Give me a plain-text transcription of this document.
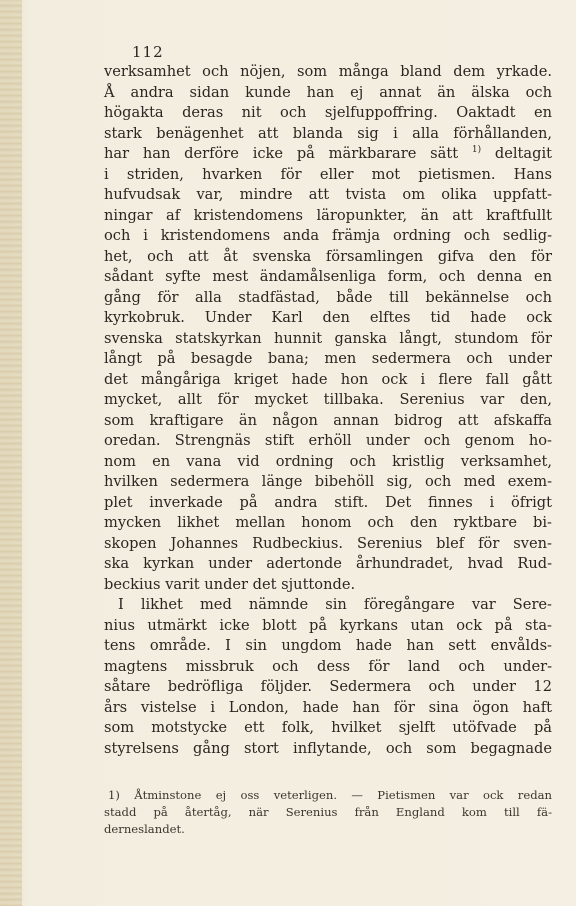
112
verksamhet och nöjen, som många bland dem yrkade.
Å andra sidan kunde han ej annat än älska och
högakta deras nit och sjelfuppoffring. Oaktadt en
stark benägenhet att blanda sig i alla förhållanden,
har han derföre icke på märkbarare sätt $^{1)}$ deltagit
i striden, hvarken för eller mot pietismen. Hans
hufvudsak var, mindre att tvista om olika uppfatt-
ningar af kristendomens läropunkter, än att kraftfullt
och i kristendomens anda främja ordning och sedlig-
het, och att åt svenska församlingen gifva den för
sådant syfte mest ändamålsenliga form, och denna en
gång för alla stadfästad, både till bekännelse och
kyrkobruk. Under Karl den elftes tid hade ock
svenska statskyrkan hunnit ganska långt, stundom för
långt på besagde bana; men sedermera och under
det mångåriga kriget hade hon ock i flere fall gått
mycket, allt för mycket tillbaka. Serenius var den,
som kraftigare än någon annan bidrog att afskaffa
oredan. Strengnäs stift erhöll under och genom ho-
nom en vana vid ordning och kristlig verksamhet,
hvilken sedermera länge bibehöll sig, och med exem-
plet inverkade på andra stift. Det finnes i öfrigt
mycken likhet mellan honom och den ryktbare bi-
skopen Johannes Rudbeckius. Serenius blef för sven-
ska kyrkan under adertonde århundradet, hvad Rud-
beckius varit under det sjuttonde.
I likhet med nämnde sin föregångare var Sere-
nius utmärkt icke blott på kyrkans utan ock på sta-
tens område. I sin ungdom hade han sett envålds-
magtens missbruk och dess för land och under-
såtare bedröfliga följder. Sedermera och under 12
års vistelse i London, hade han för sina ögon haft
som motstycke ett folk, hvilket sjelft utöfvade på
styrelsens gång stort inflytande, och som begagnade
1) Åtminstone ej oss veterligen. — Pietismen var ock redan
stadd på återtåg, när Serenius från England kom till fä-
derneslandet.
